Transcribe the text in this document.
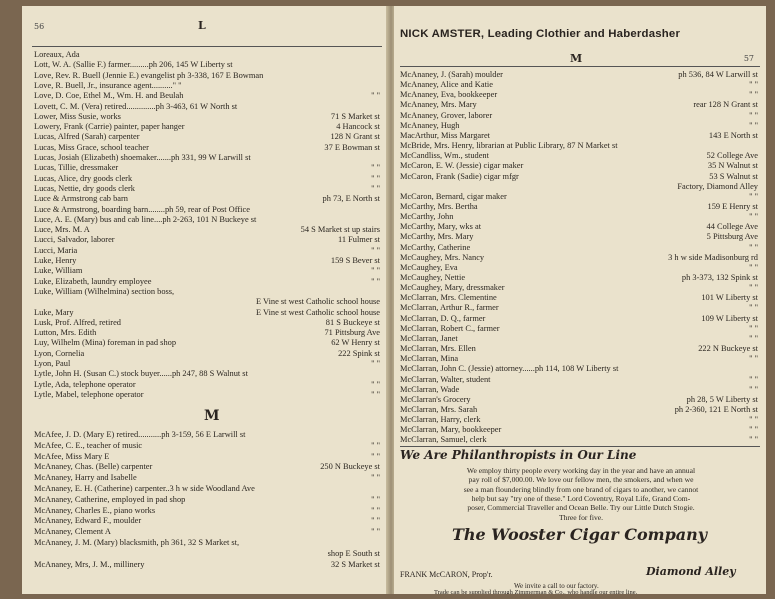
56	L
Loreaux, Ada
Lott, W. A. (Sallie F.) farmer.........ph 206, 145 W Liberty st
Love, Rev. R. Buell (Jennie E.) evangelist ph 3-338, 167 E Bowman
Love, R. Buell, Jr., insurance agent.........." "
Love, D. Coe, Ethel M., Wm. H. and Beulah	" "
Lovett, C. M. (Vera) retired..............ph 3-463, 61 W North st
Lower, Miss Susie, works	71 S Market st
Lowery, Frank (Carrie) painter, paper hanger	4 Hancock st
Lucas, Alfred (Sarah) carpenter	128 N Grant st
Lucas, Miss Grace, school teacher	37 E Bowman st
Lucas, Josiah (Elizabeth) shoemaker.......ph 331, 99 W Larwill st
Lucas, Tillie, dressmaker	" "
Lucas, Alice, dry goods clerk	" "
Lucas, Nettie, dry goods clerk	" "
Luce & Armstrong cab barn	ph 73, E North st
Luce & Armstrong, boarding barn........ph 59, rear of Post Office
Luce, A. E. (Mary) bus and cab line....ph 2-263, 101 N Buckeye st
Luce, Mrs. M. A	54 S Market st up stairs
Lucci, Salvador, laborer	11 Fulmer st
Lucci, Maria	" "
Luke, Henry	159 S Bever st
Luke, William	" "
Luke, Elizabeth, laundry employee	" "
Luke, William (Wilhelmina) section boss,
E Vine st west Catholic school house
Luke, Mary	E Vine st west Catholic school house
Lusk, Prof. Alfred, retired	81 S Buckeye st
Lutton, Mrs. Edith	71 Pittsburg Ave
Luy, Wilhelm (Mina) foreman in pad shop	62 W Henry st
Lyon, Cornelia	222 Spink st
Lyon, Paul	" "
Lytle, John H. (Susan C.) stock buyer......ph 247, 88 S Walnut st
Lytle, Ada, telephone operator	" "
Lytle, Mabel, telephone operator	" "
M
McAfee, J. D. (Mary E) retired...........ph 3-159, 56 E Larwill st
McAfee, C. E., teacher of music	" "
McAfee, Miss Mary E	" "
McAnaney, Chas. (Belle) carpenter	250 N Buckeye st
McAnaney, Harry and Isabelle	" "
McAnaney, E. H. (Catherine) carpenter..3 h w side Woodland Ave
McAnaney, Catherine, employed in pad shop	" "
McAnaney, Charles E., piano works	" "
McAnaney, Edward F., moulder	" "
McAnaney, Clement A	" "
McAnaney, J. M. (Mary) blacksmith, ph 361, 32 S Market st,
shop E South st
McAnaney, Mrs, J. M., millinery	32 S Market st
NICK AMSTER, Leading Clothier and Haberdasher
57
M
McAnaney, J. (Sarah) moulder	ph 536, 84 W Larwill st
McAnaney, Alice and Katie	" "
McAnaney, Eva, bookkeeper	" "
McAnaney, Mrs. Mary	rear 128 N Grant st
McAnaney, Grover, laborer	" "
McAnaney, Hugh	" "
MacArthur, Miss Margaret	143 E North st
McBride, Mrs. Henry, librarian at Public Library, 87 N Market st
McCandliss, Wm., student	52 College Ave
McCaron, E. W. (Jessie) cigar maker	35 N Walnut st
McCaron, Frank (Sadie) cigar mfgr	53 S Walnut st
Factory, Diamond Alley
McCaron, Bernard, cigar maker	" "
McCarthy, Mrs. Bertha	159 E Henry st
McCarthy, John	" "
McCarthy, Mary, wks at	44 College Ave
McCarthy, Mrs. Mary	5 Pittsburg Ave
McCarthy, Catherine	" "
McCaughey, Mrs. Nancy	3 h w side Madisonburg rd
McCaughey, Eva	" "
McCaughey, Nettie	ph 3-373, 132 Spink st
McCaughey, Mary, dressmaker	" "
McClarran, Mrs. Clementine	101 W Liberty st
McClarran, Arthur R., farmer	" "
McClarran, D. Q., farmer	109 W Liberty st
McClarran, Robert C., farmer	" "
McClarran, Janet	" "
McClarran, Mrs. Ellen	222 N Buckeye st
McClarran, Mina	" "
McClarran, John C. (Jessie) attorney......ph 114, 108 W Liberty st
McClarran, Walter, student	" "
McClarran, Wade	" "
McClarran's Grocery	ph 28, 5 W Liberty st
McClarran, Mrs. Sarah	ph 2-360, 121 E North st
McClarran, Harry, clerk	" "
McClarran, Mary, bookkeeper	" "
McClarran, Samuel, clerk	" "
We Are Philanthropists in Our Line
We employ thirty people every working day in the year and have an annual
pay roll of $7,000.00. We love our fellow men, the smokers, and when we
see a man floundering blindly from one brand of cigars to another, we cannot
help but say "try one of these." Lord Coventry, Royal Life, Grand Com-
poser, Commercial Traveller and Ocean Belle. Try our Little Dutch Stogie.
Three for five.
The Wooster Cigar Company
FRANK McCARON, Prop'r.	Diamond Alley
We invite a call to our factory.
Trade can be supplied through Zimmerman & Co., who handle our entire line.
